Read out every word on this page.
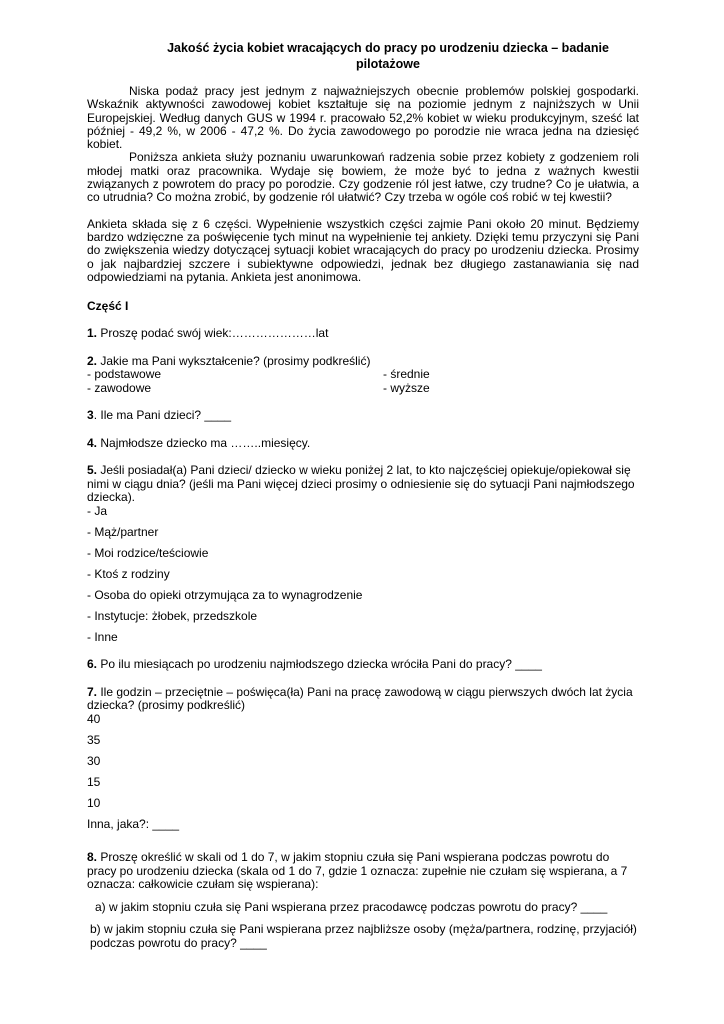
Jakość życia kobiet wracających do pracy po urodzeniu dziecka – badanie pilotażowe

Niska podaż pracy jest jednym z najważniejszych obecnie problemów polskiej gospodarki. Wskaźnik aktywności zawodowej kobiet kształtuje się na poziomie jednym z najniższych w Unii Europejskiej. Według danych GUS w 1994 r. pracowało 52,2% kobiet w wieku produkcyjnym, sześć lat później - 49,2 %, w 2006 - 47,2 %. Do życia zawodowego po porodzie nie wraca jedna na dziesięć kobiet.

Poniższa ankieta służy poznaniu uwarunkowań radzenia sobie przez kobiety z godzeniem roli młodej matki oraz pracownika. Wydaje się bowiem, że może być to jedna z ważnych kwestii związanych z powrotem do pracy po porodzie. Czy godzenie ról jest łatwe, czy trudne? Co je ułatwia, a co utrudnia? Co można zrobić, by godzenie ról ułatwić? Czy trzeba w ogóle coś robić w tej kwestii?

Ankieta składa się z 6 części. Wypełnienie wszystkich części zajmie Pani około 20 minut. Będziemy bardzo wdzięczne za poświęcenie tych minut na wypełnienie tej ankiety. Dzięki temu przyczyni się Pani do zwiększenia wiedzy dotyczącej sytuacji kobiet wracających do pracy po urodzeniu dziecka. Prosimy o jak najbardziej szczere i subiektywne odpowiedzi, jednak bez długiego zastanawiania się nad odpowiedziami na pytania. Ankieta jest anonimowa.

Część I
1. Proszę podać swój wiek:…………………lat
2. Jakie ma Pani wykształcenie? (prosimy podkreślić)
- podstawowe	- średnie
- zawodowe	- wyższe
3. Ile ma Pani dzieci? ____
4. Najmłodsze dziecko ma ……..miesięcy.
5. Jeśli posiadał(a) Pani dzieci/ dziecko w wieku poniżej 2 lat, to kto najczęściej opiekuje/opiekował się nimi w ciągu dnia? (jeśli ma Pani więcej dzieci prosimy o odniesienie się do sytuacji Pani najmłodszego dziecka).
- Ja
- Mąż/partner
- Moi rodzice/teściowie
- Ktoś z rodziny
- Osoba do opieki otrzymująca za to wynagrodzenie
- Instytucje: żłobek, przedszkole
- Inne
6. Po ilu miesiącach po urodzeniu najmłodszego dziecka wróciła Pani do pracy? ____
7. Ile godzin – przeciętnie – poświęca(ła) Pani na pracę zawodową w ciągu pierwszych dwóch lat życia dziecka? (prosimy podkreślić)
40
35
30
15
10
Inna, jaka?: ____
8. Proszę określić w skali od 1 do 7, w jakim stopniu czuła się Pani wspierana podczas powrotu do pracy po urodzeniu dziecka (skala od 1 do 7, gdzie 1 oznacza: zupełnie nie czułam się wspierana, a 7 oznacza: całkowicie czułam się wspierana):
a) w jakim stopniu czuła się Pani wspierana przez pracodawcę podczas powrotu do pracy? ____
b) w jakim stopniu czuła się Pani wspierana przez najbliższe osoby (męża/partnera, rodzinę, przyjaciół) podczas powrotu do pracy? ____
